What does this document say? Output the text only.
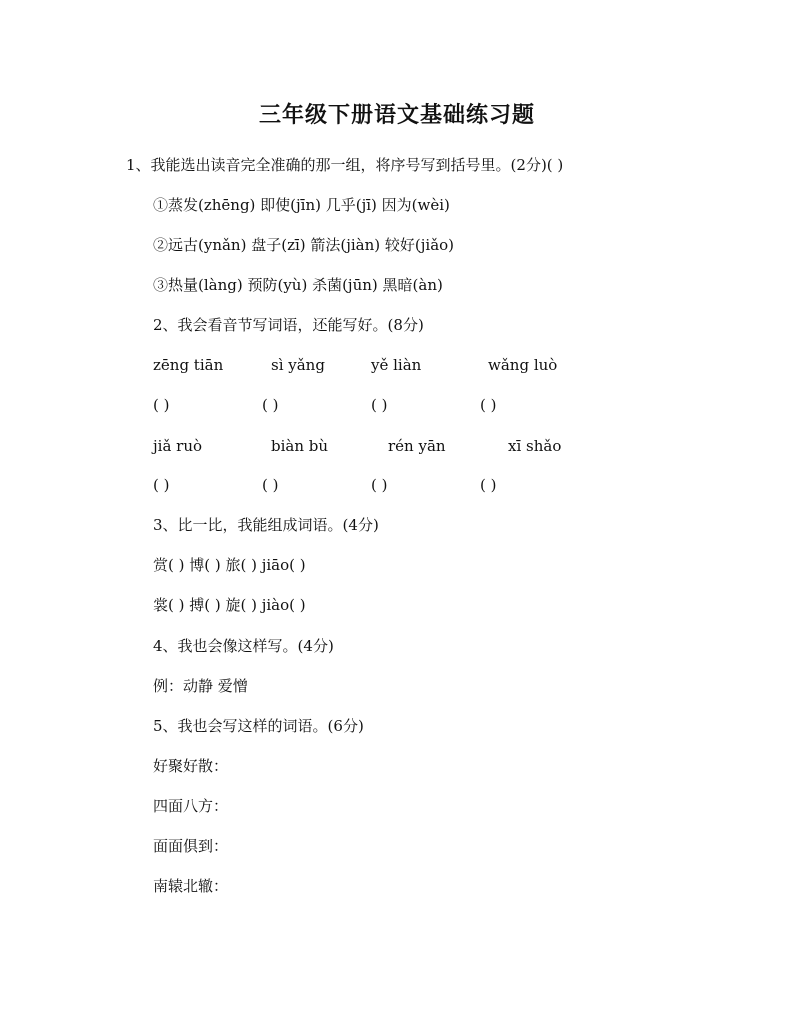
三年级下册语文基础练习题
1、我能选出读音完全准确的那一组，将序号写到括号里。(2分)( )
①蒸发(zhēng) 即使(jīn) 几乎(jī) 因为(wèi)
②远古(ynǎn) 盘子(zī) 箭法(jiàn) 较好(jiǎo)
③热量(làng) 预防(yù) 杀菌(jūn) 黑暗(àn)
2、我会看音节写词语，还能写好。(8分)
zēng tiān	sì yǎng	yě liàn	wǎng luò
( )	( )	( )	( )
jiǎ ruò	biàn bù	rén yān	xī shǎo
( )	( )	( )	( )
3、比一比，我能组成词语。(4分)
赏( ) 博( ) 旅( ) jiāo( )
裳( ) 搏( ) 旋( ) jiào( )
4、我也会像这样写。(4分)
例：动静 爱憎
5、我也会写这样的词语。(6分)
好聚好散：
四面八方：
面面俱到：
南辕北辙：
